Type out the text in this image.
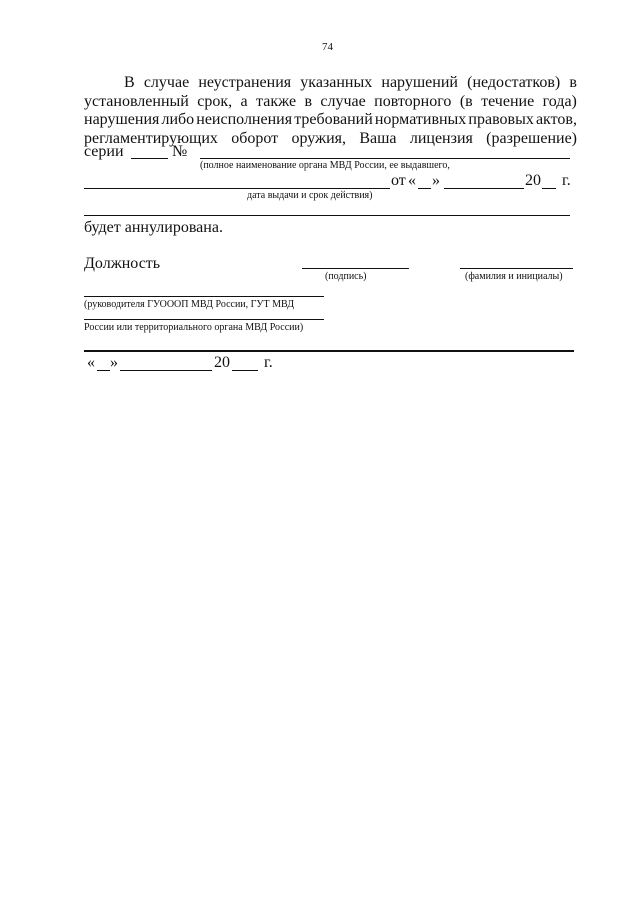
74
В случае неустранения указанных нарушений (недостатков) в
установленный срок, а также в случае повторного (в течение года)
нарушения либо неисполнения требований нормативных правовых актов,
регламентирующих оборот оружия, Ваша лицензия (разрешение)
серии	№
(полное наименование органа МВД России, ее выдавшего,
от « »	20 г.
дата выдачи и срок действия)
будет аннулирована.
Должность
(подпись)	(фамилия и инициалы)
(руководителя ГУОООП МВД России, ГУТ МВД
России или территориального органа МВД России)
« »	20 г.
